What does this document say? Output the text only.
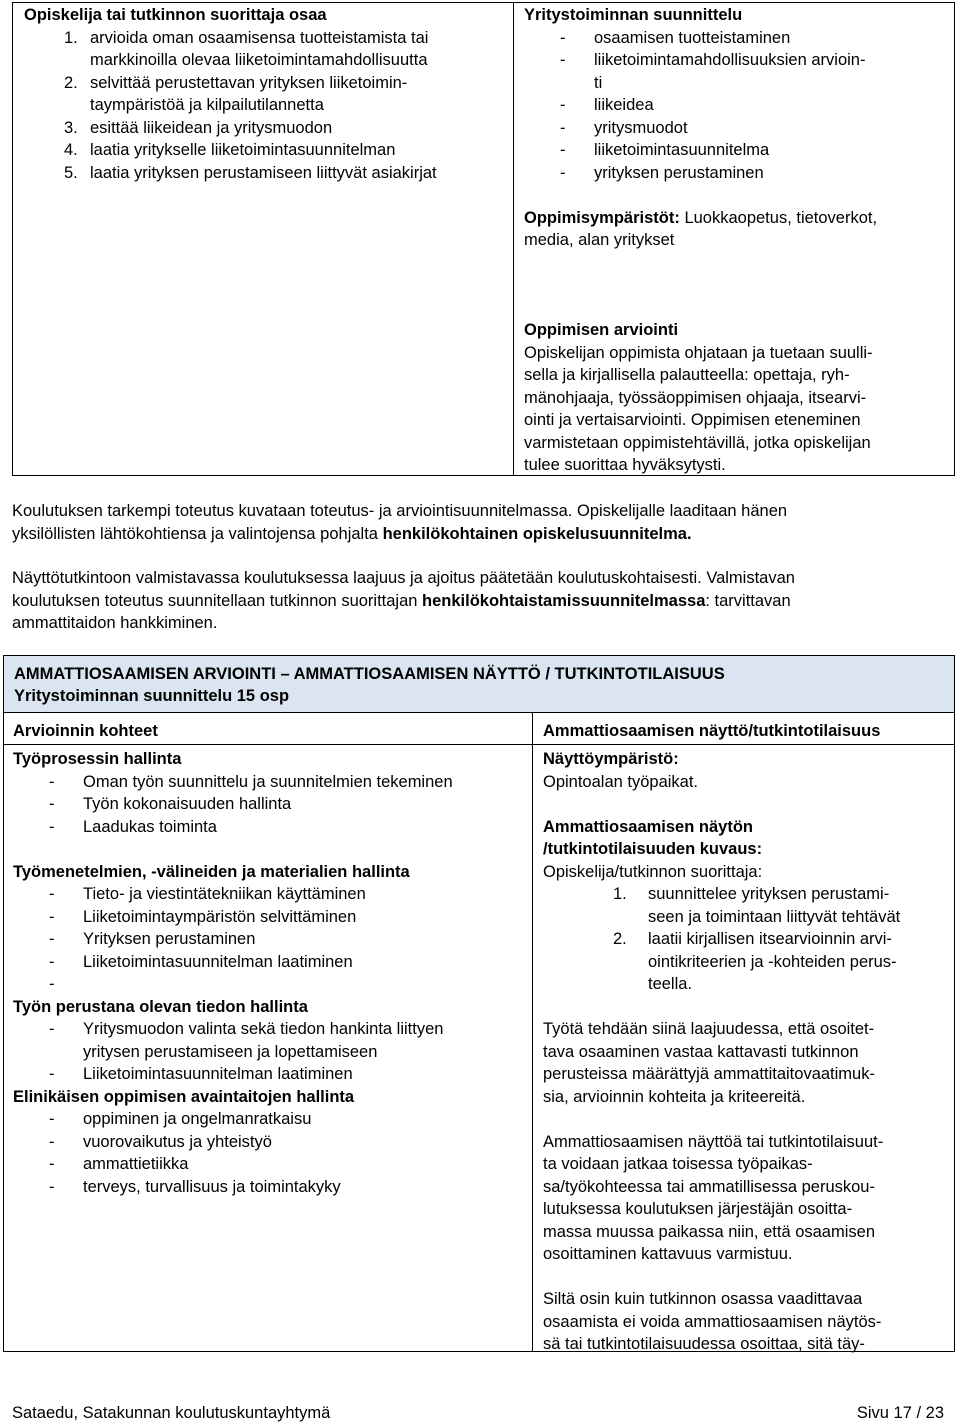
Opiskelija tai tutkinnon suorittaja osaa
1. arvioida oman osaamisensa tuotteistamista tai
markkinoilla olevaa liiketoimintamahdollisuutta
2. selvittää perustettavan yrityksen liiketoimin-
taympäristöä ja kilpailutilannetta
3. esittää liikeidean ja yritysmuodon
4. laatia yritykselle liiketoimintasuunnitelman
5. laatia yrityksen perustamiseen liittyvät asiakirjat
Yritystoiminnan suunnittelu
- osaamisen tuotteistaminen
- liiketoimintamahdollisuuksien arvioin-
ti
- liikeidea
- yritysmuodot
- liiketoimintasuunnitelma
- yrityksen perustaminen
Oppimisympäristöt: Luokkaopetus, tietoverkot,
media, alan yritykset
Oppimisen arviointi
Opiskelijan oppimista ohjataan ja tuetaan suulli-
sella ja kirjallisella palautteella: opettaja, ryh-
mänohjaaja, työssäoppimisen ohjaaja, itsearvi-
ointi ja vertaisarviointi. Oppimisen eteneminen
varmistetaan oppimistehtävillä, jotka opiskelijan
tulee suorittaa hyväksytysti.
Koulutuksen tarkempi toteutus kuvataan toteutus- ja arviointisuunnitelmassa. Opiskelijalle laaditaan hänen
yksilöllisten lähtökohtiensa ja valintojensa pohjalta henkilökohtainen opiskelusuunnitelma.
Näyttötutkintoon valmistavassa koulutuksessa laajuus ja ajoitus päätetään koulutuskohtaisesti. Valmistavan
koulutuksen toteutus suunnitellaan tutkinnon suorittajan henkilökohtaistamissuunnitelmassa: tarvittavan
ammattitaidon hankkiminen.
AMMATTIOSAAMISEN ARVIOINTI – AMMATTIOSAAMISEN NÄYTTÖ / TUTKINTOTILAISUUS
Yritystoiminnan suunnittelu 15 osp
Arvioinnin kohteet	Ammattiosaamisen näyttö/tutkintotilaisuus
Työprosessin hallinta
- Oman työn suunnittelu ja suunnitelmien tekeminen
- Työn kokonaisuuden hallinta
- Laadukas toiminta
Työmenetelmien, -välineiden ja materialien hallinta
- Tieto- ja viestintätekniikan käyttäminen
- Liiketoimintaympäristön selvittäminen
- Yrityksen perustaminen
- Liiketoimintasuunnitelman laatiminen
-

Työn perustana olevan tiedon hallinta
- Yritysmuodon valinta sekä tiedon hankinta liittyen
yritysen perustamiseen ja lopettamiseen
- Liiketoimintasuunnitelman laatiminen
Elinikäisen oppimisen avaintaitojen hallinta
- oppiminen ja ongelmanratkaisu
- vuorovaikutus ja yhteistyö
- ammattietiikka
- terveys, turvallisuus ja toimintakyky
Näyttöympäristö:
Opintoalan työpaikat.
Ammattiosaamisen näytön
/tutkintotilaisuuden kuvaus:
Opiskelija/tutkinnon suorittaja:
1. suunnittelee yrityksen perustami-
seen ja toimintaan liittyvät tehtävät
2. laatii kirjallisen itsearvioinnin arvi-
ointikriteerien ja -kohteiden perus-
teella.
Työtä tehdään siinä laajuudessa, että osoitet-
tava osaaminen vastaa kattavasti tutkinnon
perusteissa määrättyjä ammattitaitovaatimuk-
sia, arvioinnin kohteita ja kriteereitä.
Ammattiosaamisen näyttöä tai tutkintotilaisuut-
ta voidaan jatkaa toisessa työpaikas-
sa/työkohteessa tai ammatillisessa peruskou-
lutuksessa koulutuksen järjestäjän osoitta-
massa muussa paikassa niin, että osaamisen
osoittaminen kattavuus varmistuu.
Siltä osin kuin tutkinnon osassa vaadittavaa
osaamista ei voida ammattiosaamisen näytös-
sä tai tutkintotilaisuudessa osoittaa, sitä täy-
Sataedu, Satakunnan koulutuskuntayhtymä	Sivu 17 / 23
